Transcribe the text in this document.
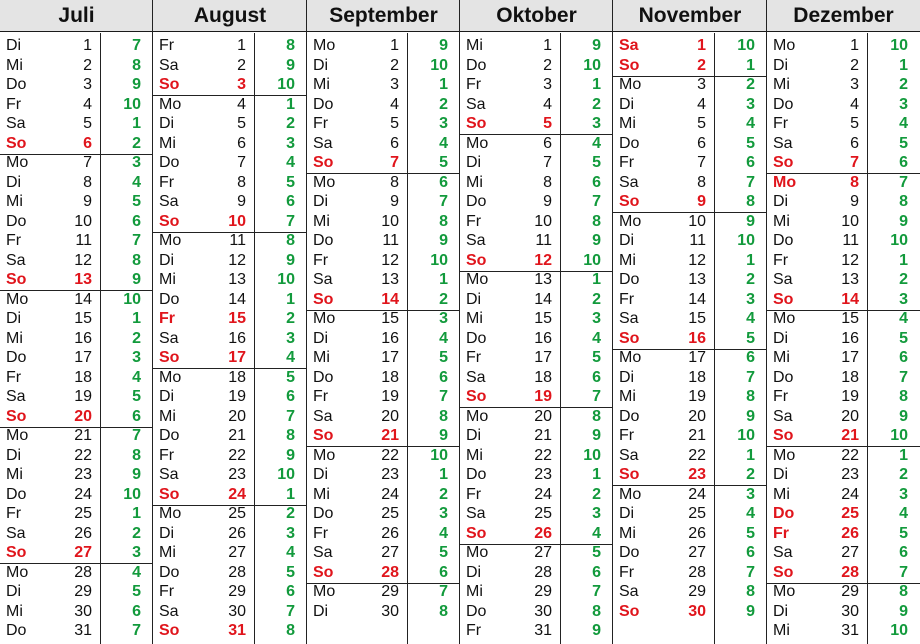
Juli
Di	1	7
Mi	2	8
Do	3	9
Fr	4 10
Sa	5	1
So	6	2
Mo	7	3
Di	8	4
Mi	9	5
Do	10	6
Fr	11	7
Sa	12	8
So	13	9
Mo	14 10
Di	15	1
Mi	16	2
Do	17	3
Fr	18	4
Sa	19	5
So	20	6
Mo	21	7
Di	22	8
Mi	23	9
Do	24 10
Fr	25	1
Sa	26	2
So	27	3
Mo	28	4
Di	29	5
Mi	30	6
Do	31	7
August
Fr	1	8
Sa	2	9
So	3 10
Mo	4	1
Di	5	2
Mi	6	3
Do	7	4
Fr	8	5
Sa	9	6
So	10	7
Mo	11	8
Di	12	9
Mi	13 10
Do	14	1
Fr	15	2
Sa	16	3
So	17	4
Mo	18	5
Di	19	6
Mi	20	7
Do	21	8
Fr	22	9
Sa	23 10
So	24	1
Mo	25	2
Di	26	3
Mi	27	4
Do	28	5
Fr	29	6
Sa	30	7
So	31	8
September
Mo	1	9
Di	2 10
Mi	3	1
Do	4	2
Fr	5	3
Sa	6	4
So	7	5
Mo	8	6
Di	9	7
Mi	10	8
Do	11	9
Fr	12 10
Sa	13	1
So	14	2
Mo	15	3
Di	16	4
Mi	17	5
Do	18	6
Fr	19	7
Sa	20	8
So	21	9
Mo	22 10
Di	23	1
Mi	24	2
Do	25	3
Fr	26	4
Sa	27	5
So	28	6
Mo	29	7
Di	30	8
Oktober
Mi	1	9
Do	2 10
Fr	3	1
Sa	4	2
So	5	3
Mo	6	4
Di	7	5
Mi	8	6
Do	9	7
Fr	10	8
Sa	11	9
So	12 10
Mo	13	1
Di	14	2
Mi	15	3
Do	16	4
Fr	17	5
Sa	18	6
So	19	7
Mo	20	8
Di	21	9
Mi	22 10
Do	23	1
Fr	24	2
Sa	25	3
So	26	4
Mo	27	5
Di	28	6
Mi	29	7
Do	30	8
Fr	31	9
November
Sa	1 10
So	2	1
Mo	3	2
Di	4	3
Mi	5	4
Do	6	5
Fr	7	6
Sa	8	7
So	9	8
Mo	10	9
Di	11 10
Mi	12	1
Do	13	2
Fr	14	3
Sa	15	4
So	16	5
Mo	17	6
Di	18	7
Mi	19	8
Do	20	9
Fr	21 10
Sa	22	1
So	23	2
Mo	24	3
Di	25	4
Mi	26	5
Do	27	6
Fr	28	7
Sa	29	8
So	30	9
Dezember
Mo	1 10
Di	2	1
Mi	3	2
Do	4	3
Fr	5	4
Sa	6	5
So	7	6
Mo	8	7
Di	9	8
Mi	10	9
Do	11 10
Fr	12	1
Sa	13	2
So	14	3
Mo	15	4
Di	16	5
Mi	17	6
Do	18	7
Fr	19	8
Sa	20	9
So	21 10
Mo	22	1
Di	23	2
Mi	24	3
Do	25	4
Fr	26	5
Sa	27	6
So	28	7
Mo	29	8
Di	30	9
Mi	31 10
